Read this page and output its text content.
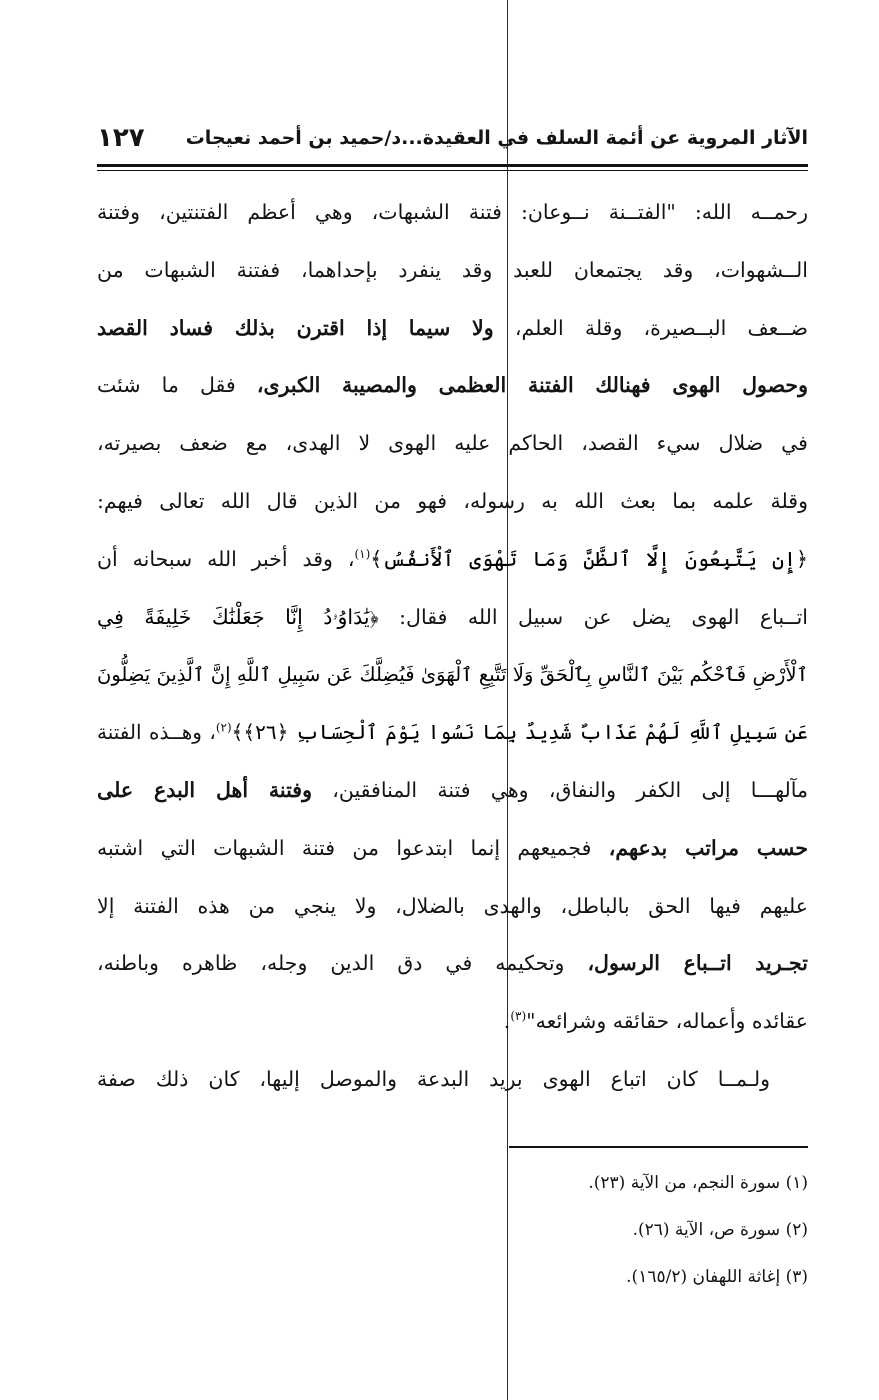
الآثار المروية عن أئمة السلف في العقيدة...د/حميد بن أحمد نعيجات
١٢٧
رحمــه الله: "الفتــنة نــوعان: فتنة الشبهات، وهي أعظم الفتنتين، وفتنة
الــشهوات، وقد يجتمعان للعبد وقد ينفرد بإحداهما، ففتنة الشبهات من
ضــعف البــصيرة، وقلة العلم، ولا سيما إذا اقترن بذلك فساد القصد
وحصول الهوى فهنالك الفتنة العظمى والمصيبة الكبرى، فقل ما شئت
في ضلال سيء القصد، الحاكم عليه الهوى لا الهدى، مع ضعف بصيرته،
وقلة علمه بما بعث الله به رسوله، فهو من الذين قال الله تعالى فيهم:
﴿إِن يَتَّبِعُونَ إِلَّا ٱلظَّنَّ وَمَا تَهْوَى ٱلْأَنفُسُ﴾$^{(١)}$، وقد أخبر الله سبحانه أن
اتــباع الهوى يضل عن سبيل الله فقال: ﴿يَٰدَاوُۥدُ إِنَّا جَعَلْنَٰكَ خَلِيفَةً فِي
ٱلْأَرْضِ فَٱحْكُم بَيْنَ ٱلنَّاسِ بِٱلْحَقِّ وَلَا تَتَّبِعِ ٱلْهَوَىٰ فَيُضِلَّكَ عَن سَبِيلِ ٱللَّهِ إِنَّ ٱلَّذِينَ يَضِلُّونَ
عَن سَبِيلِ ٱللَّهِ لَهُمْ عَذَابٌ شَدِيدٌ بِمَا نَسُوا يَوْمَ ٱلْحِسَابِ ﴿٢٦﴾﴾$^{(٢)}$، وهــذه الفتنة
مآلهـــا إلى الكفر والنفاق، وهي فتنة المنافقين، وفتنة أهل البدع على
حسب مراتب بدعهم، فجميعهم إنما ابتدعوا من فتنة الشبهات التي اشتبه
عليهم فيها الحق بالباطل، والهدى بالضلال، ولا ينجي من هذه الفتنة إلا
تجـريد اتــباع الرسول، وتحكيمه في دق الدين وجله، ظاهره وباطنه،
عقائده وأعماله، حقائقه وشرائعه"$^{(٣)}$.
ولـمــا كان اتباع الهوى بريد البدعة والموصل إليها، كان ذلك صفة
(١) سورة النجم، من الآية (٢٣).
(٢) سورة ص، الآية (٢٦).
(٣) إغاثة اللهفان (١٦٥/٢).
